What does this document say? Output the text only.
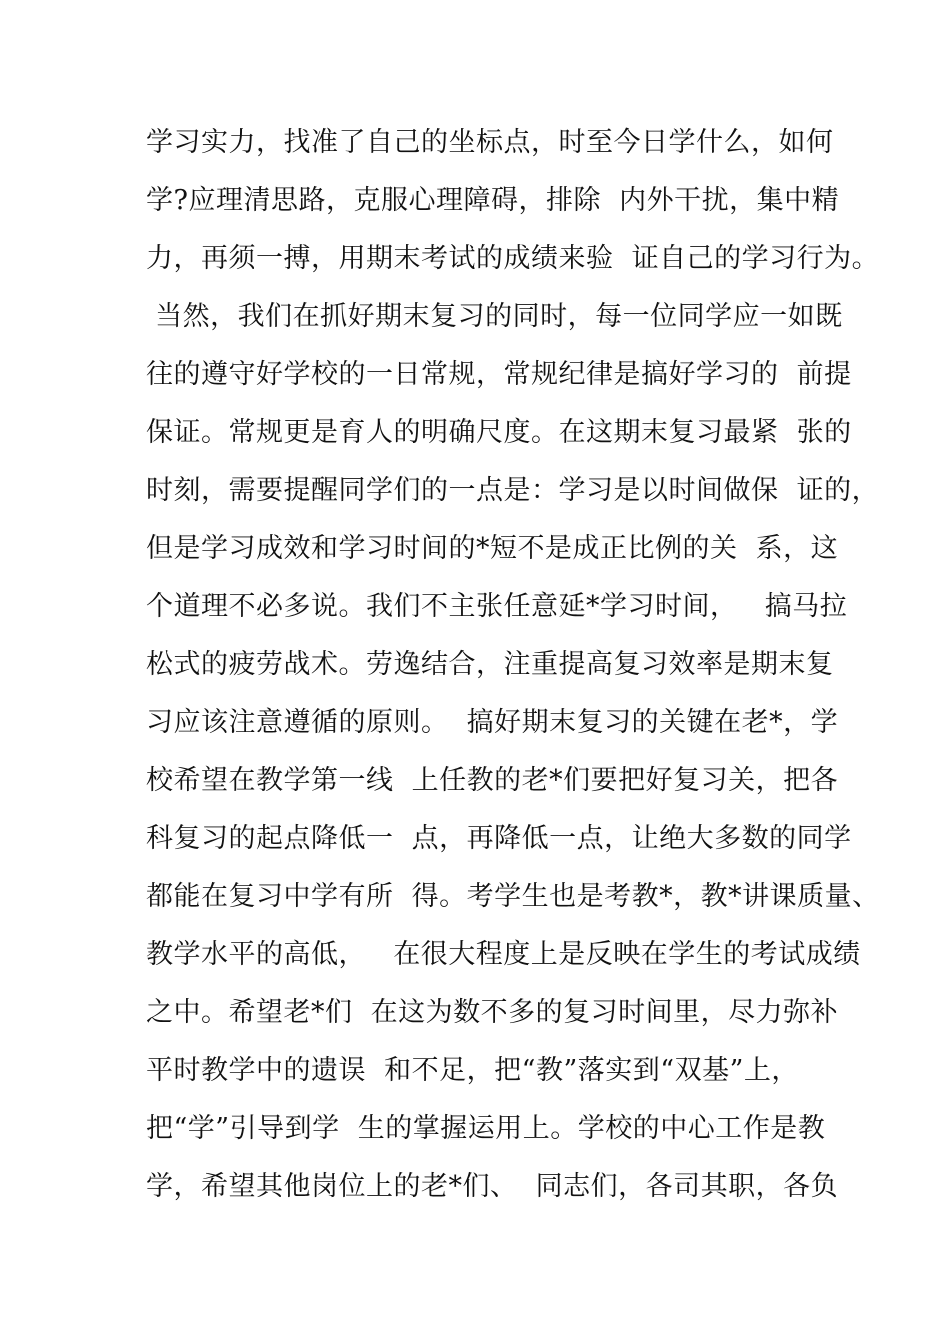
学习实力，找准了自己的坐标点，时至今日学什么，如何
学?应理清思路，克服心理障碍，排除  内外干扰，集中精
力，再须一搏，用期末考试的成绩来验  证自己的学习行为。
当然，我们在抓好期末复习的同时，每一位同学应一如既
往的遵守好学校的一日常规，常规纪律是搞好学习的  前提
保证。常规更是育人的明确尺度。在这期末复习最紧  张的
时刻，需要提醒同学们的一点是：学习是以时间做保  证的，
但是学习成效和学习时间的*短不是成正比例的关  系，这
个道理不必多说。我们不主张任意延*学习时间，   搞马拉
松式的疲劳战术。劳逸结合，注重提高复习效率是期末复
习应该注意遵循的原则。  搞好期末复习的关键在老*，学
校希望在教学第一线  上任教的老*们要把好复习关，把各
科复习的起点降低一  点，再降低一点，让绝大多数的同学
都能在复习中学有所  得。考学生也是考教*，教*讲课质量、
教学水平的高低，   在很大程度上是反映在学生的考试成绩
之中。希望老*们  在这为数不多的复习时间里，尽力弥补
平时教学中的遗误  和不足，把“教”落实到“双基”上，
把“学”引导到学  生的掌握运用上。学校的中心工作是教
学，希望其他岗位上的老*们、  同志们，各司其职，各负
